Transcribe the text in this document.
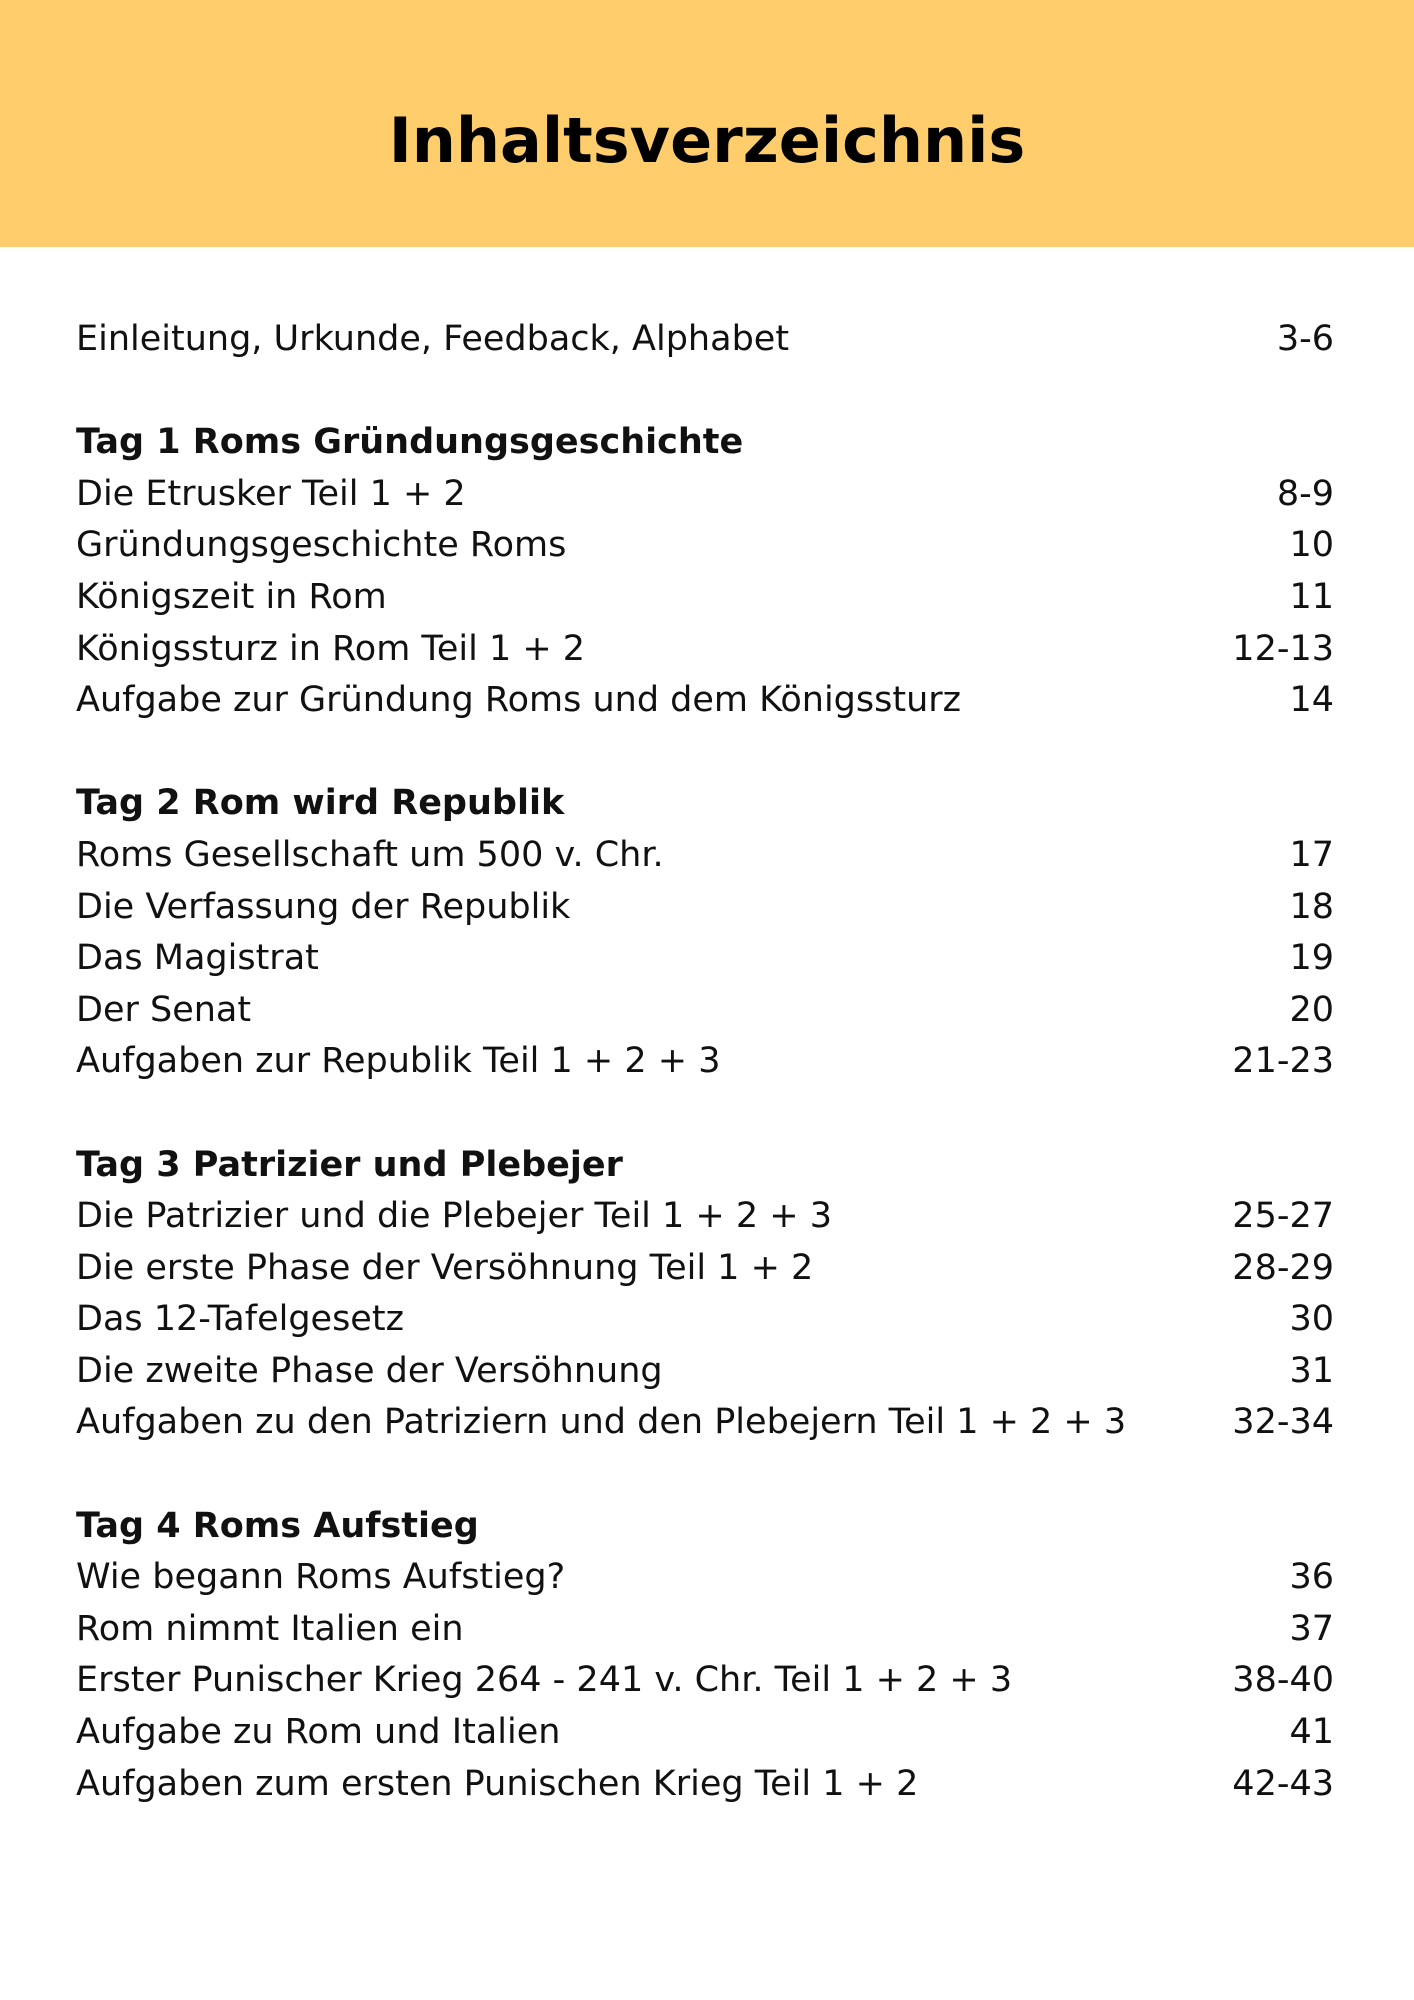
Inhaltsverzeichnis
Einleitung, Urkunde, Feedback, Alphabet	3-6
Tag 1 Roms Gründungsgeschichte
Die Etrusker Teil 1 + 2	8-9
Gründungsgeschichte Roms	10
Königszeit in Rom	11
Königssturz in Rom Teil 1 + 2	12-13
Aufgabe zur Gründung Roms und dem Königssturz	14
Tag 2 Rom wird Republik
Roms Gesellschaft um 500 v. Chr.	17
Die Verfassung der Republik	18
Das Magistrat	19
Der Senat	20
Aufgaben zur Republik Teil 1 + 2 + 3	21-23
Tag 3 Patrizier und Plebejer
Die Patrizier und die Plebejer Teil 1 + 2 + 3	25-27
Die erste Phase der Versöhnung Teil 1 + 2	28-29
Das 12-Tafelgesetz	30
Die zweite Phase der Versöhnung	31
Aufgaben zu den Patriziern und den Plebejern Teil 1 + 2 + 3	32-34
Tag 4 Roms Aufstieg
Wie begann Roms Aufstieg?	36
Rom nimmt Italien ein	37
Erster Punischer Krieg 264 - 241 v. Chr. Teil 1 + 2 + 3	38-40
Aufgabe zu Rom und Italien	41
Aufgaben zum ersten Punischen Krieg Teil 1 + 2	42-43
